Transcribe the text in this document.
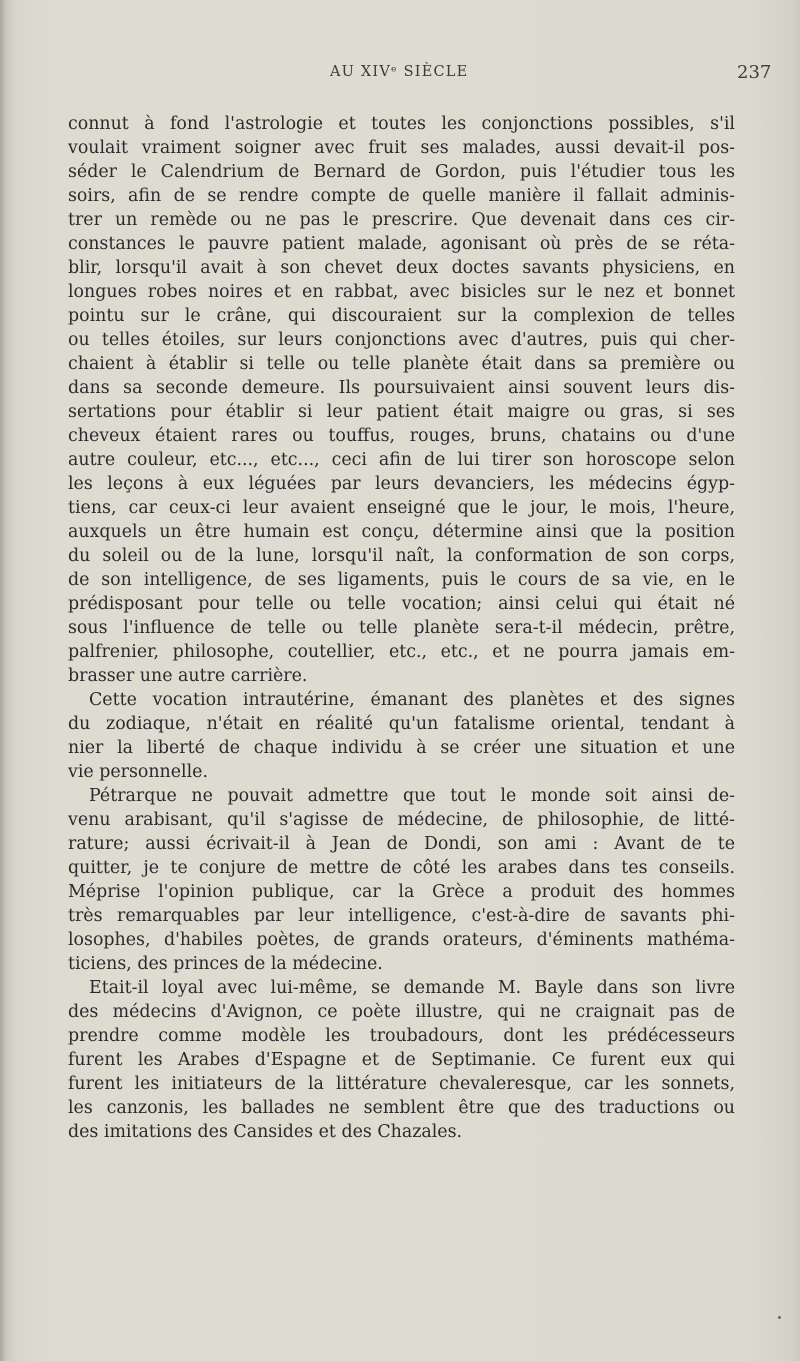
AU XIVᵉ SIÈCLE	237
connut à fond l'astrologie et toutes les conjonctions possibles, s'il
voulait vraiment soigner avec fruit ses malades, aussi devait-il pos-
séder le Calendrium de Bernard de Gordon, puis l'étudier tous les
soirs, afin de se rendre compte de quelle manière il fallait adminis-
trer un remède ou ne pas le prescrire. Que devenait dans ces cir-
constances le pauvre patient malade, agonisant où près de se réta-
blir, lorsqu'il avait à son chevet deux doctes savants physiciens, en
longues robes noires et en rabbat, avec bisicles sur le nez et bonnet
pointu sur le crâne, qui discouraient sur la complexion de telles
ou telles étoiles, sur leurs conjonctions avec d'autres, puis qui cher-
chaient à établir si telle ou telle planète était dans sa première ou
dans sa seconde demeure. Ils poursuivaient ainsi souvent leurs dis-
sertations pour établir si leur patient était maigre ou gras, si ses
cheveux étaient rares ou touffus, rouges, bruns, chatains ou d'une
autre couleur, etc..., etc..., ceci afin de lui tirer son horoscope selon
les leçons à eux léguées par leurs devanciers, les médecins égyp-
tiens, car ceux-ci leur avaient enseigné que le jour, le mois, l'heure,
auxquels un être humain est conçu, détermine ainsi que la position
du soleil ou de la lune, lorsqu'il naît, la conformation de son corps,
de son intelligence, de ses ligaments, puis le cours de sa vie, en le
prédisposant pour telle ou telle vocation; ainsi celui qui était né
sous l'influence de telle ou telle planète sera-t-il médecin, prêtre,
palfrenier, philosophe, coutellier, etc., etc., et ne pourra jamais em-
brasser une autre carrière.
Cette vocation intrautérine, émanant des planètes et des signes
du zodiaque, n'était en réalité qu'un fatalisme oriental, tendant à
nier la liberté de chaque individu à se créer une situation et une
vie personnelle.
Pétrarque ne pouvait admettre que tout le monde soit ainsi de-
venu arabisant, qu'il s'agisse de médecine, de philosophie, de litté-
rature; aussi écrivait-il à Jean de Dondi, son ami : Avant de te
quitter, je te conjure de mettre de côté les arabes dans tes conseils.
Méprise l'opinion publique, car la Grèce a produit des hommes
très remarquables par leur intelligence, c'est-à-dire de savants phi-
losophes, d'habiles poètes, de grands orateurs, d'éminents mathéma-
ticiens, des princes de la médecine.
Etait-il loyal avec lui-même, se demande M. Bayle dans son livre
des médecins d'Avignon, ce poète illustre, qui ne craignait pas de
prendre comme modèle les troubadours, dont les prédécesseurs
furent les Arabes d'Espagne et de Septimanie. Ce furent eux qui
furent les initiateurs de la littérature chevaleresque, car les sonnets,
les canzonis, les ballades ne semblent être que des traductions ou
des imitations des Cansides et des Chazales.
